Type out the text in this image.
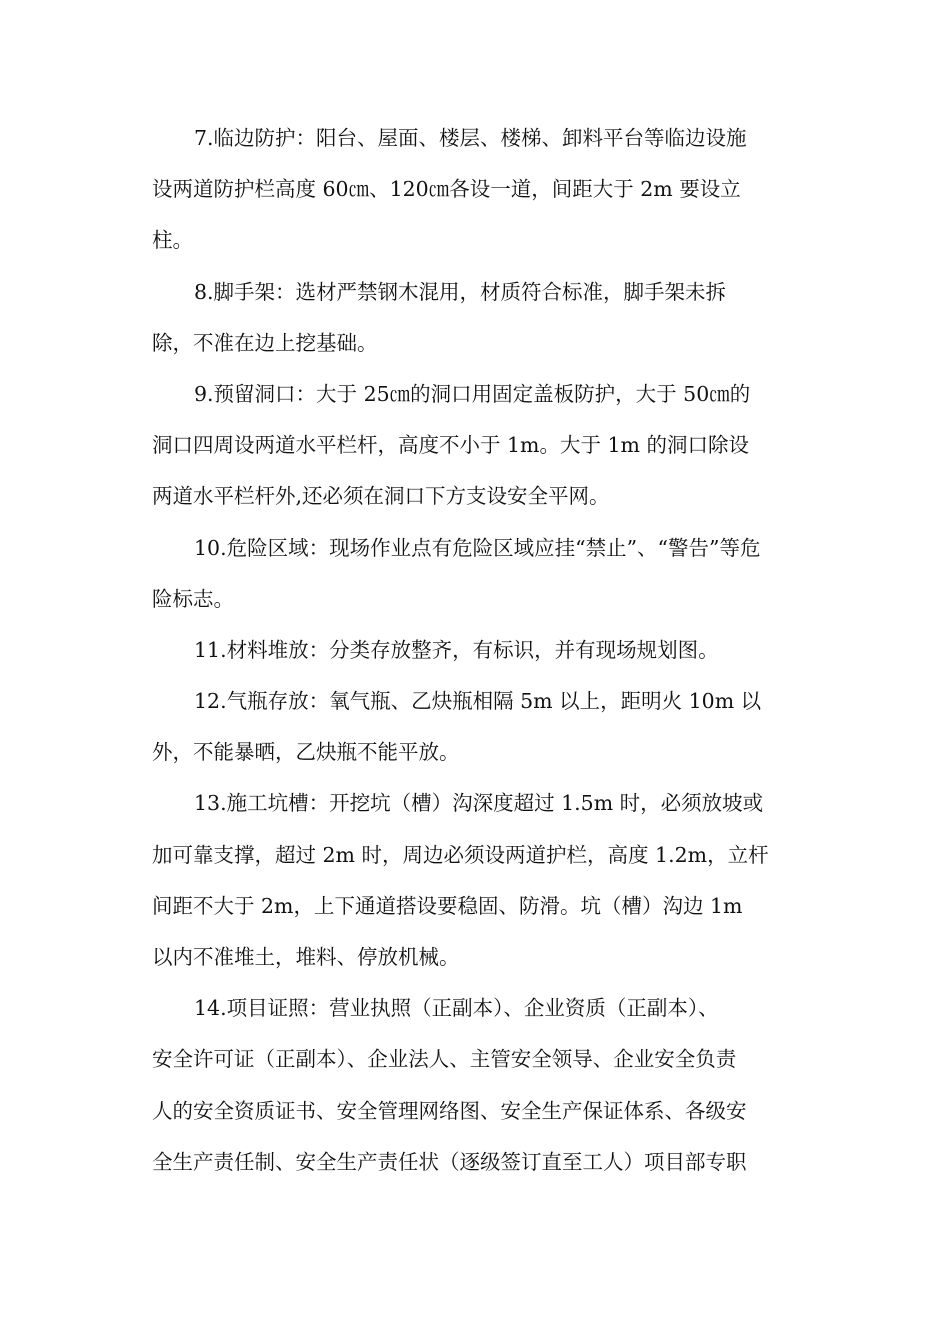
7.临边防护：阳台、屋面、楼层、楼梯、卸料平台等临边设施
设两道防护栏高度 60㎝、120㎝各设一道，间距大于 2m 要设立
柱。

8.脚手架：选材严禁钢木混用，材质符合标准，脚手架未拆
除，不准在边上挖基础。

9.预留洞口：大于 25㎝的洞口用固定盖板防护，大于 50㎝的
洞口四周设两道水平栏杆，高度不小于 1m。大于 1m 的洞口除设
两道水平栏杆外,还必须在洞口下方支设安全平网。

10.危险区域：现场作业点有危险区域应挂“禁止”、“警告”等危
险标志。

11.材料堆放：分类存放整齐，有标识，并有现场规划图。

12.气瓶存放：氧气瓶、乙炔瓶相隔 5m 以上，距明火 10m 以
外，不能暴晒，乙炔瓶不能平放。

13.施工坑槽：开挖坑（槽）沟深度超过 1.5m 时，必须放坡或
加可靠支撑，超过 2m 时，周边必须设两道护栏，高度 1.2m，立杆
间距不大于 2m，上下通道搭设要稳固、防滑。坑（槽）沟边 1m
以内不准堆土，堆料、停放机械。

14.项目证照：营业执照（正副本）、企业资质（正副本）、
安全许可证（正副本）、企业法人、主管安全领导、企业安全负责
人的安全资质证书、安全管理网络图、安全生产保证体系、各级安
全生产责任制、安全生产责任状（逐级签订直至工人）项目部专职
